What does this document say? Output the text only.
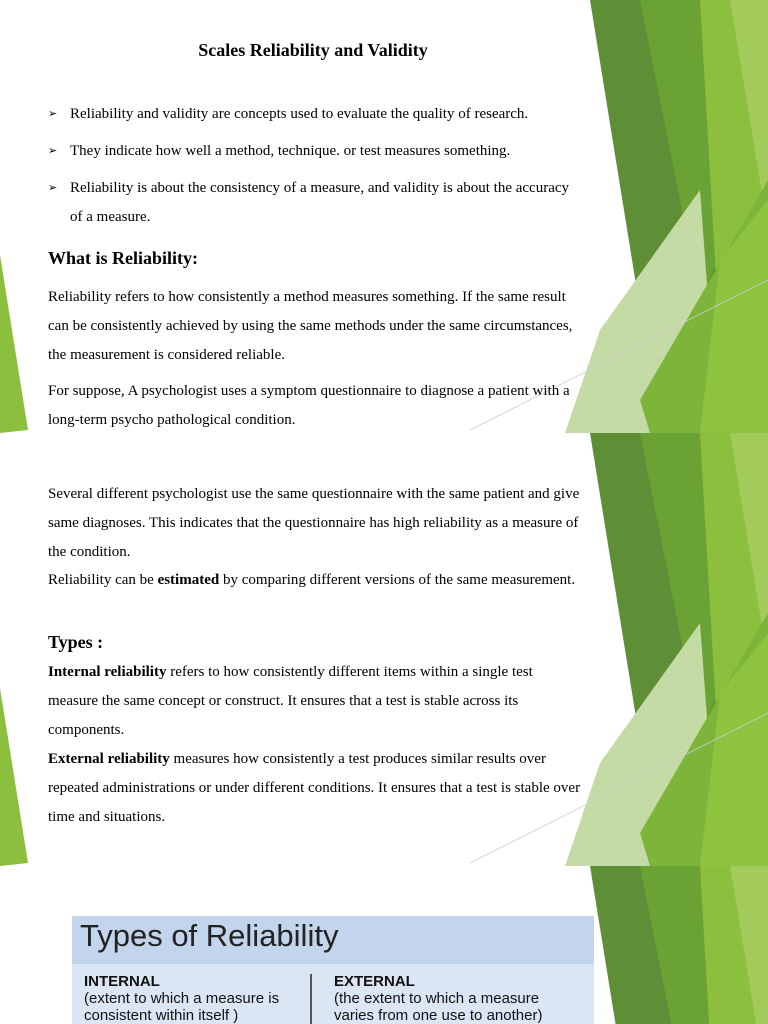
Scales Reliability and Validity
➢ Reliability and validity are concepts used to evaluate the quality of research.
➢ They indicate how well a method, technique. or test measures something.
➢ Reliability is about the consistency of a measure, and validity is about the accuracy of a measure.
What is Reliability:
Reliability refers to how consistently a method measures something. If the same result can be consistently achieved by using the same methods under the same circumstances, the measurement is considered reliable.
For suppose, A psychologist uses a symptom questionnaire to diagnose a patient with a long-term psycho pathological condition.
Several different psychologist use the same questionnaire with the same patient and give same diagnoses. This indicates that the questionnaire has high reliability as a measure of the condition.
Reliability can be estimated by comparing different versions of the same measurement.
Types :
Internal reliability refers to how consistently different items within a single test measure the same concept or construct. It ensures that a test is stable across its components.
External reliability measures how consistently a test produces similar results over repeated administrations or under different conditions. It ensures that a test is stable over time and situations.
Types of Reliability
INTERNAL
(extent to which a measure is
consistent within itself )
EXTERNAL
(the extent to which a measure
varies from one use to another)
